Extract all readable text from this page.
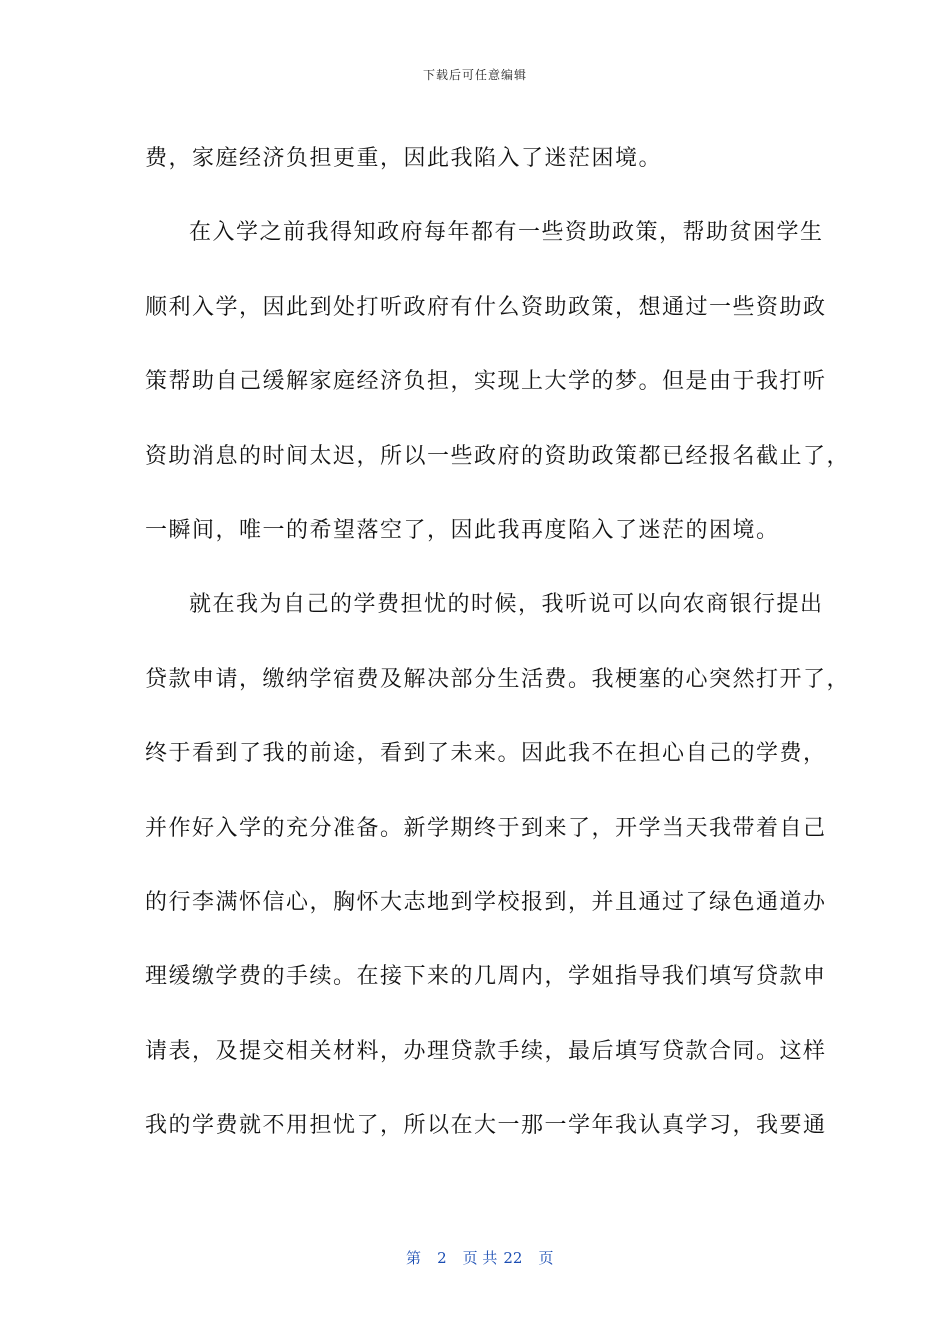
下载后可任意编辑
费，家庭经济负担更重，因此我陷入了迷茫困境。
在入学之前我得知政府每年都有一些资助政策，帮助贫困学生
顺利入学，因此到处打听政府有什么资助政策，想通过一些资助政
策帮助自己缓解家庭经济负担，实现上大学的梦。但是由于我打听
资助消息的时间太迟，所以一些政府的资助政策都已经报名截止了，
一瞬间，唯一的希望落空了，因此我再度陷入了迷茫的困境。
就在我为自己的学费担忧的时候，我听说可以向农商银行提出
贷款申请，缴纳学宿费及解决部分生活费。我梗塞的心突然打开了，
终于看到了我的前途，看到了未来。因此我不在担心自己的学费，
并作好入学的充分准备。新学期终于到来了，开学当天我带着自己
的行李满怀信心，胸怀大志地到学校报到，并且通过了绿色通道办
理缓缴学费的手续。在接下来的几周内，学姐指导我们填写贷款申
请表，及提交相关材料，办理贷款手续，最后填写贷款合同。这样
我的学费就不用担忧了，所以在大一那一学年我认真学习，我要通

第 2 页 共 22 页
